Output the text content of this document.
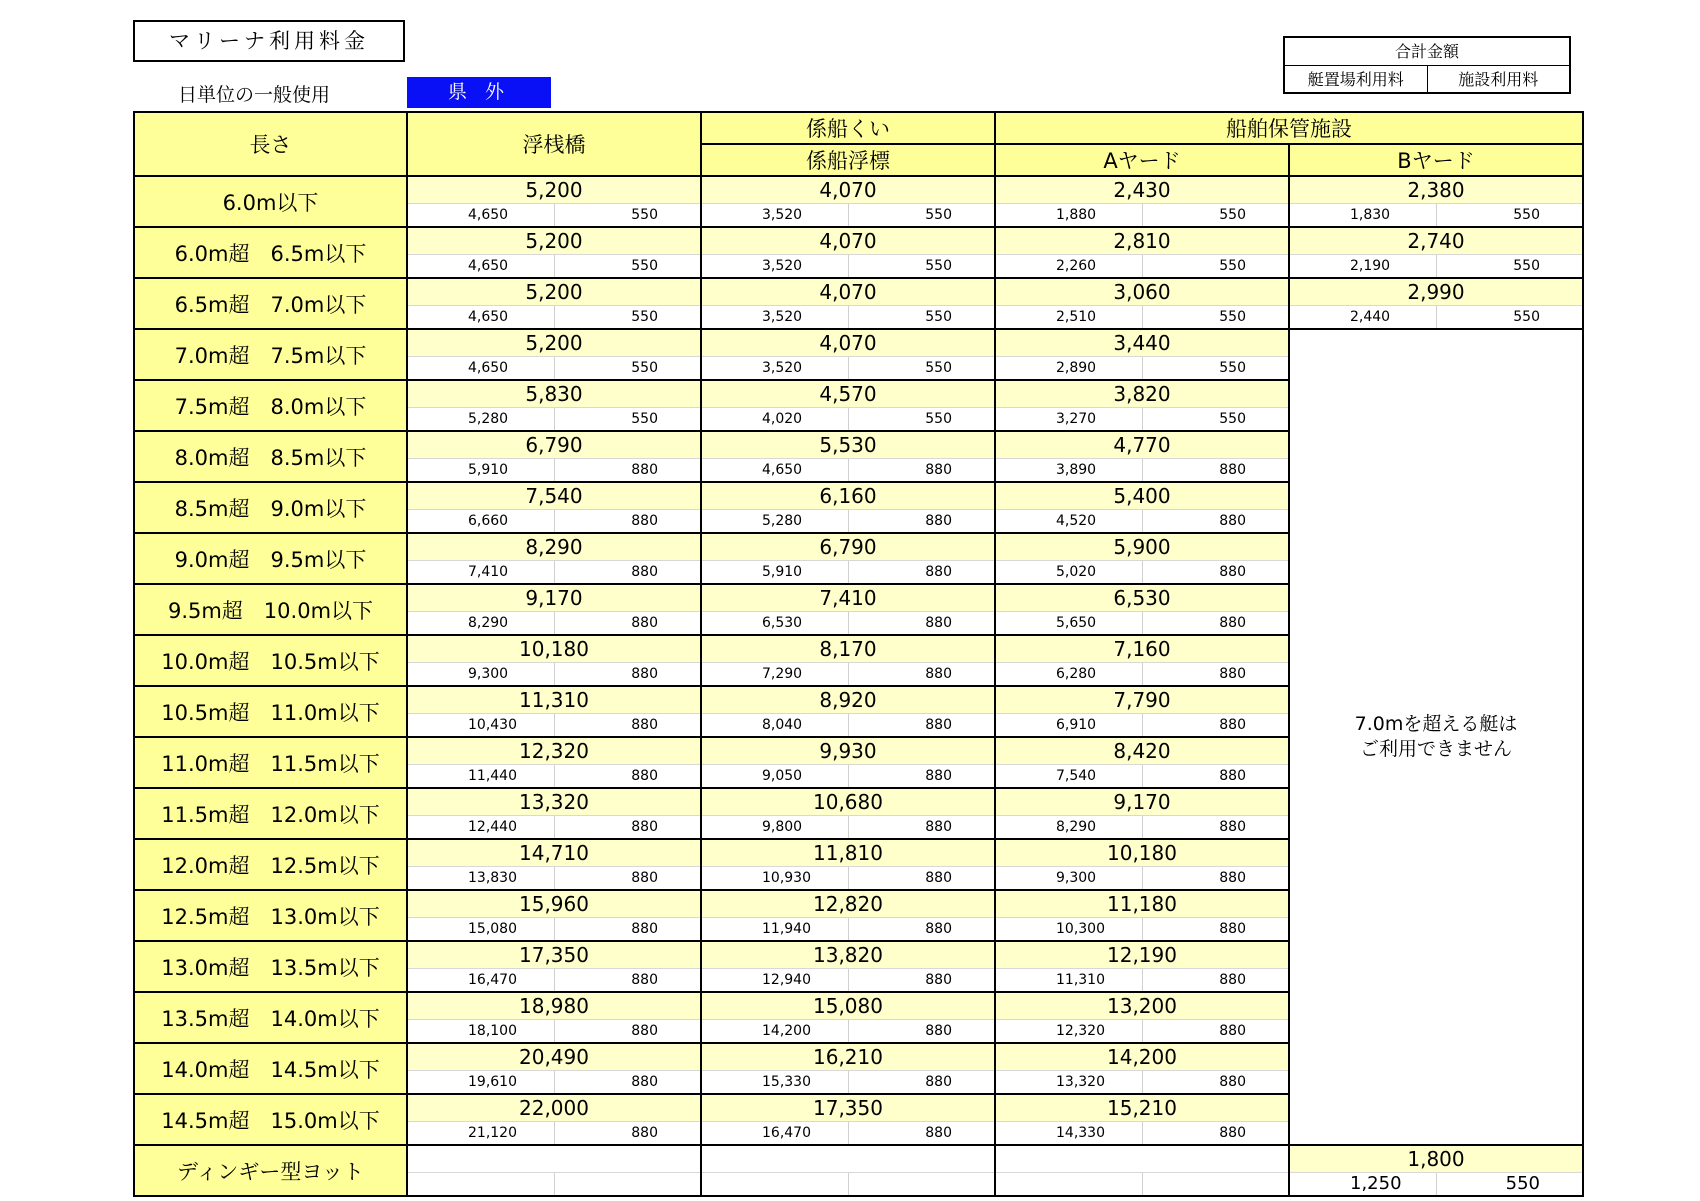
マリーナ利用料金
日単位の一般使用	県 外
合計金額
艇置場利用料	施設利用料
長さ	浮桟橋		係船くい		船舶保管施設			
			係船浮標		Aヤード		Bヤード	
6.0m以下	5,200		4,070		2,430		2,380	
	4,650	550	3,520	550	1,880	550	1,830	550
6.0m超　6.5m以下	5,200		4,070		2,810		2,740	
	4,650	550	3,520	550	2,260	550	2,190	550
6.5m超　7.0m以下	5,200		4,070		3,060		2,990	
	4,650	550	3,520	550	2,510	550	2,440	550
7.0m超　7.5m以下	5,200		4,070		3,440		7.0mを超える艇は
ご利用できません	

	4,650	550	3,520	550	2,890	550		
7.5m超　8.0m以下	5,830		4,570		3,820			
	5,280	550	4,020	550	3,270	550		
8.0m超　8.5m以下	6,790		5,530		4,770			
	5,910	880	4,650	880	3,890	880		
8.5m超　9.0m以下	7,540		6,160		5,400			
	6,660	880	5,280	880	4,520	880		
9.0m超　9.5m以下	8,290		6,790		5,900			
	7,410	880	5,910	880	5,020	880		
9.5m超　10.0m以下	9,170		7,410		6,530			
	8,290	880	6,530	880	5,650	880		
10.0m超　10.5m以下	10,180		8,170		7,160			
	9,300	880	7,290	880	6,280	880		
10.5m超　11.0m以下	11,310		8,920		7,790			
	10,430	880	8,040	880	6,910	880		
11.0m超　11.5m以下	12,320		9,930		8,420			
	11,440	880	9,050	880	7,540	880		
11.5m超　12.0m以下	13,320		10,680		9,170			
	12,440	880	9,800	880	8,290	880		
12.0m超　12.5m以下	14,710		11,810		10,180			
	13,830	880	10,930	880	9,300	880		
12.5m超　13.0m以下	15,960		12,820		11,180			
	15,080	880	11,940	880	10,300	880		
13.0m超　13.5m以下	17,350		13,820		12,190			
	16,470	880	12,940	880	11,310	880		
13.5m超　14.0m以下	18,980		15,080		13,200			
	18,100	880	14,200	880	12,320	880		
14.0m超　14.5m以下	20,490		16,210		14,200			
	19,610	880	15,330	880	13,320	880		
14.5m超　15.0m以下	22,000		17,350		15,210			
	21,120	880	16,470	880	14,330	880		
ディンギー型ヨット							1,800	
							1,250	550
